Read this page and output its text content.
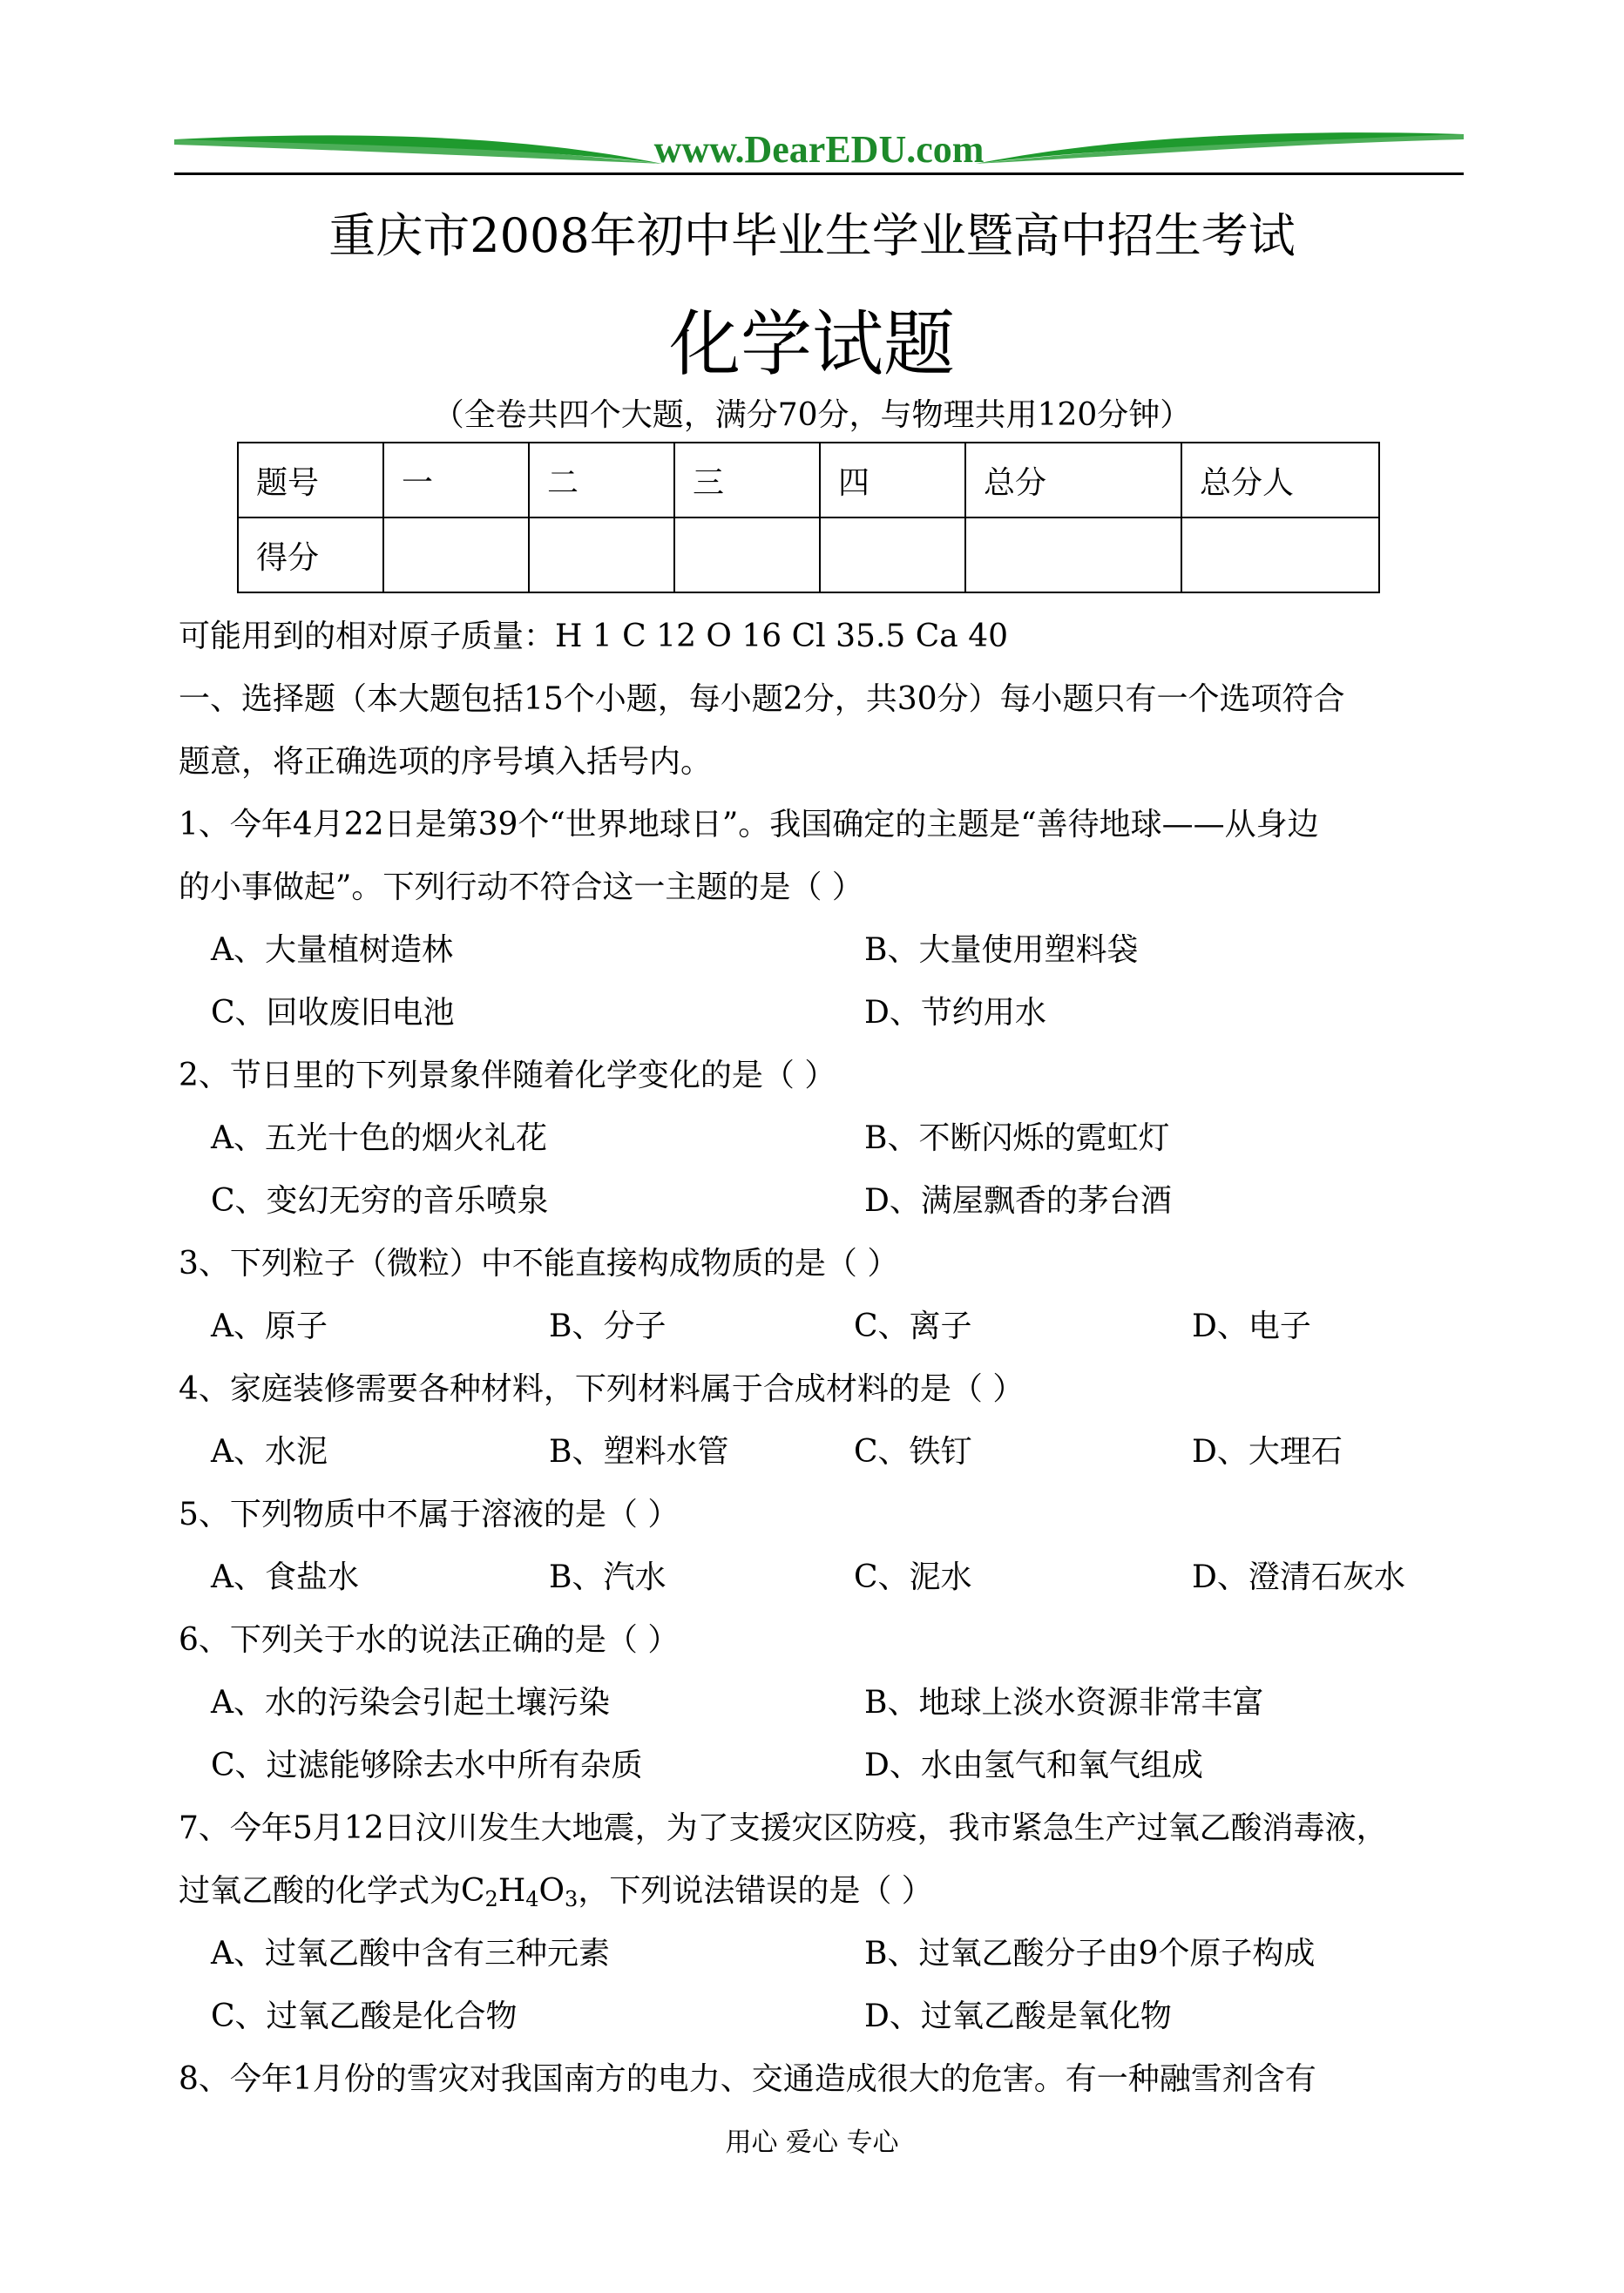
www.DearEDU.com
重庆市2008年初中毕业生学业暨高中招生考试
化学试题
（全卷共四个大题，满分70分，与物理共用120分钟）
题号	一	二	三	四	总分	总分人
得分						
可能用到的相对原子质量：H 1 C 12 O 16 Cl 35.5 Ca 40
一、选择题（本大题包括15个小题，每小题2分，共30分）每小题只有一个选项符合
题意，将正确选项的序号填入括号内。
1、今年4月22日是第39个“世界地球日”。我国确定的主题是“善待地球——从身边
的小事做起”。下列行动不符合这一主题的是（ ）
A、大量植树造林	B、大量使用塑料袋
C、回收废旧电池	D、节约用水
2、节日里的下列景象伴随着化学变化的是（ ）
A、五光十色的烟火礼花	B、不断闪烁的霓虹灯
C、变幻无穷的音乐喷泉	D、满屋飘香的茅台酒
3、下列粒子（微粒）中不能直接构成物质的是（ ）
A、原子	B、分子	C、离子	D、电子
4、家庭装修需要各种材料，下列材料属于合成材料的是（ ）
A、水泥	B、塑料水管	C、铁钉	D、大理石
5、下列物质中不属于溶液的是（ ）
A、食盐水	B、汽水	C、泥水	D、澄清石灰水
6、下列关于水的说法正确的是（ ）
A、水的污染会引起土壤污染	B、地球上淡水资源非常丰富
C、过滤能够除去水中所有杂质	D、水由氢气和氧气组成
7、今年5月12日汶川发生大地震，为了支援灾区防疫，我市紧急生产过氧乙酸消毒液，
过氧乙酸的化学式为$C_2H_4O_3$，下列说法错误的是（ ）
A、过氧乙酸中含有三种元素	B、过氧乙酸分子由9个原子构成
C、过氧乙酸是化合物	D、过氧乙酸是氧化物
8、今年1月份的雪灾对我国南方的电力、交通造成很大的危害。有一种融雪剂含有
用心 爱心 专心
